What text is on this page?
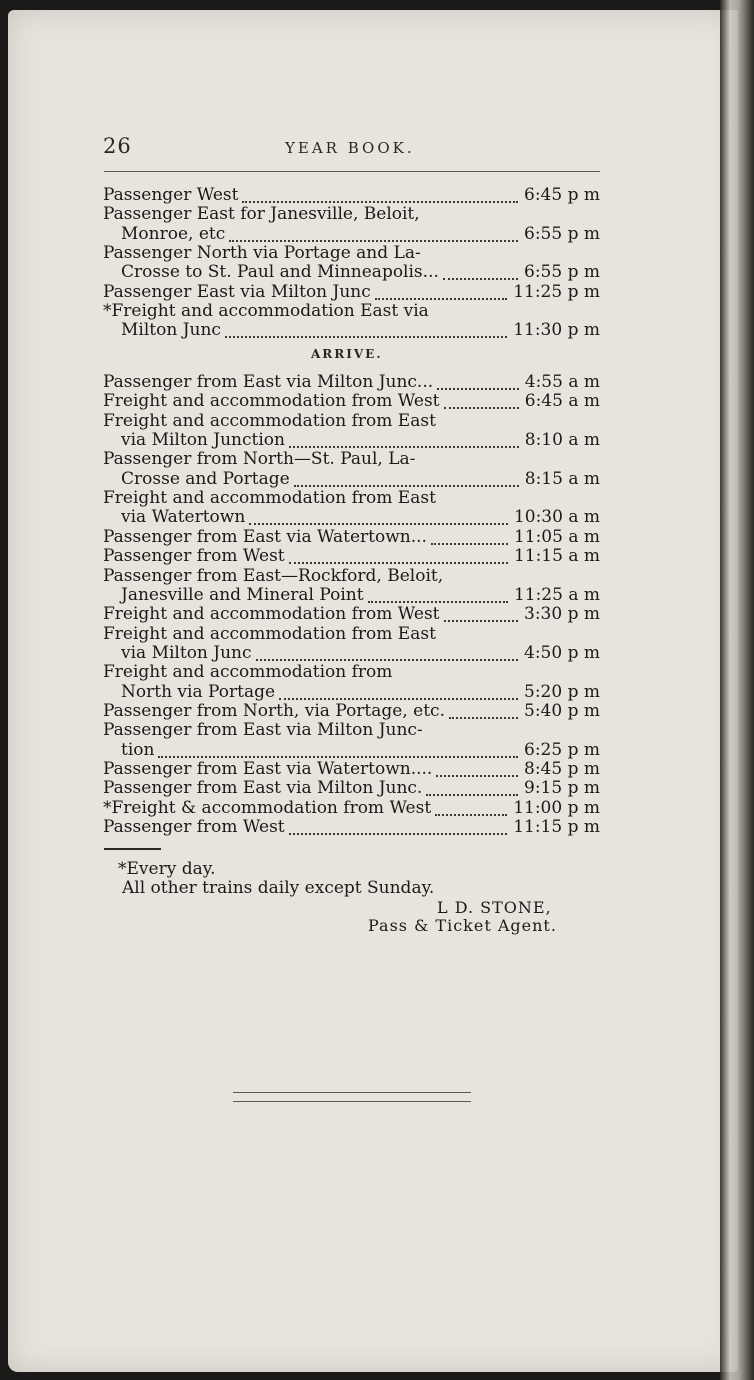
26	YEAR BOOK.
Passenger West	6:45 p m
Passenger East for Janesville, Beloit,
Monroe, etc	6:55 p m
Passenger North via Portage and La-
Crosse to St. Paul and Minneapolis...	6:55 p m
Passenger East via Milton Junc	11:25 p m
*Freight and accommodation East via
Milton Junc	11:30 p m
ARRIVE.
Passenger from East via Milton Junc...	4:55 a m
Freight and accommodation from West	6:45 a m
Freight and accommodation from East
via Milton Junction	8:10 a m
Passenger from North—St. Paul, La-
Crosse and Portage	8:15 a m
Freight and accommodation from East
via Watertown	10:30 a m
Passenger from East via Watertown...	11:05 a m
Passenger from West	11:15 a m
Passenger from East—Rockford, Beloit,
Janesville and Mineral Point	11:25 a m
Freight and accommodation from West	3:30 p m
Freight and accommodation from East
via Milton Junc	4:50 p m
Freight and accommodation from
North via Portage	5:20 p m
Passenger from North, via Portage, etc.	5:40 p m
Passenger from East via Milton Junc-
tion	6:25 p m
Passenger from East via Watertown....	8:45 p m
Passenger from East via Milton Junc.	9:15 p m
*Freight & accommodation from West	11:00 p m
Passenger from West	11:15 p m
*Every day.
All other trains daily except Sunday.
L D. STONE,
Pass & Ticket Agent.
